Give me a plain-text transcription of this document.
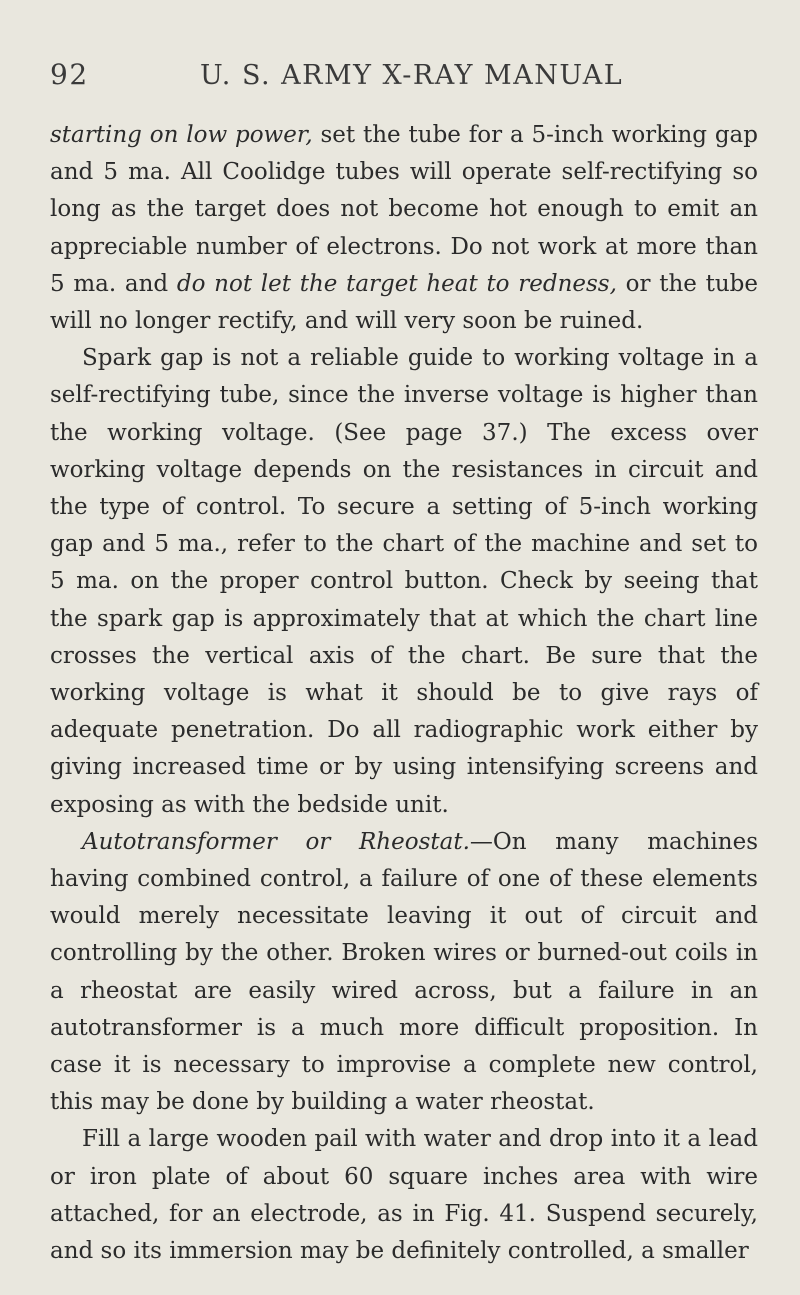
92	U. S. ARMY X-RAY MANUAL

starting on low power, set the tube for a 5-inch working gap and 5 ma. All Coolidge tubes will operate self-rectifying so long as the target does not become hot enough to emit an appreciable number of electrons. Do not work at more than 5 ma. and do not let the target heat to redness, or the tube will no longer rectify, and will very soon be ruined.

Spark gap is not a reliable guide to working voltage in a self-rectifying tube, since the inverse voltage is higher than the working voltage. (See page 37.) The excess over working voltage depends on the resistances in circuit and the type of control. To secure a setting of 5-inch working gap and 5 ma., refer to the chart of the machine and set to 5 ma. on the proper control button. Check by seeing that the spark gap is approximately that at which the chart line crosses the vertical axis of the chart. Be sure that the working voltage is what it should be to give rays of adequate penetration. Do all radiographic work either by giving increased time or by using intensifying screens and exposing as with the bedside unit.

Autotransformer or Rheostat.—On many machines having combined control, a failure of one of these elements would merely necessitate leaving it out of circuit and controlling by the other. Broken wires or burned-out coils in a rheostat are easily wired across, but a failure in an autotransformer is a much more difficult proposition. In case it is necessary to improvise a complete new control, this may be done by building a water rheostat.

Fill a large wooden pail with water and drop into it a lead or iron plate of about 60 square inches area with wire attached, for an electrode, as in Fig. 41. Suspend securely, and so its immersion may be definitely controlled, a smaller
